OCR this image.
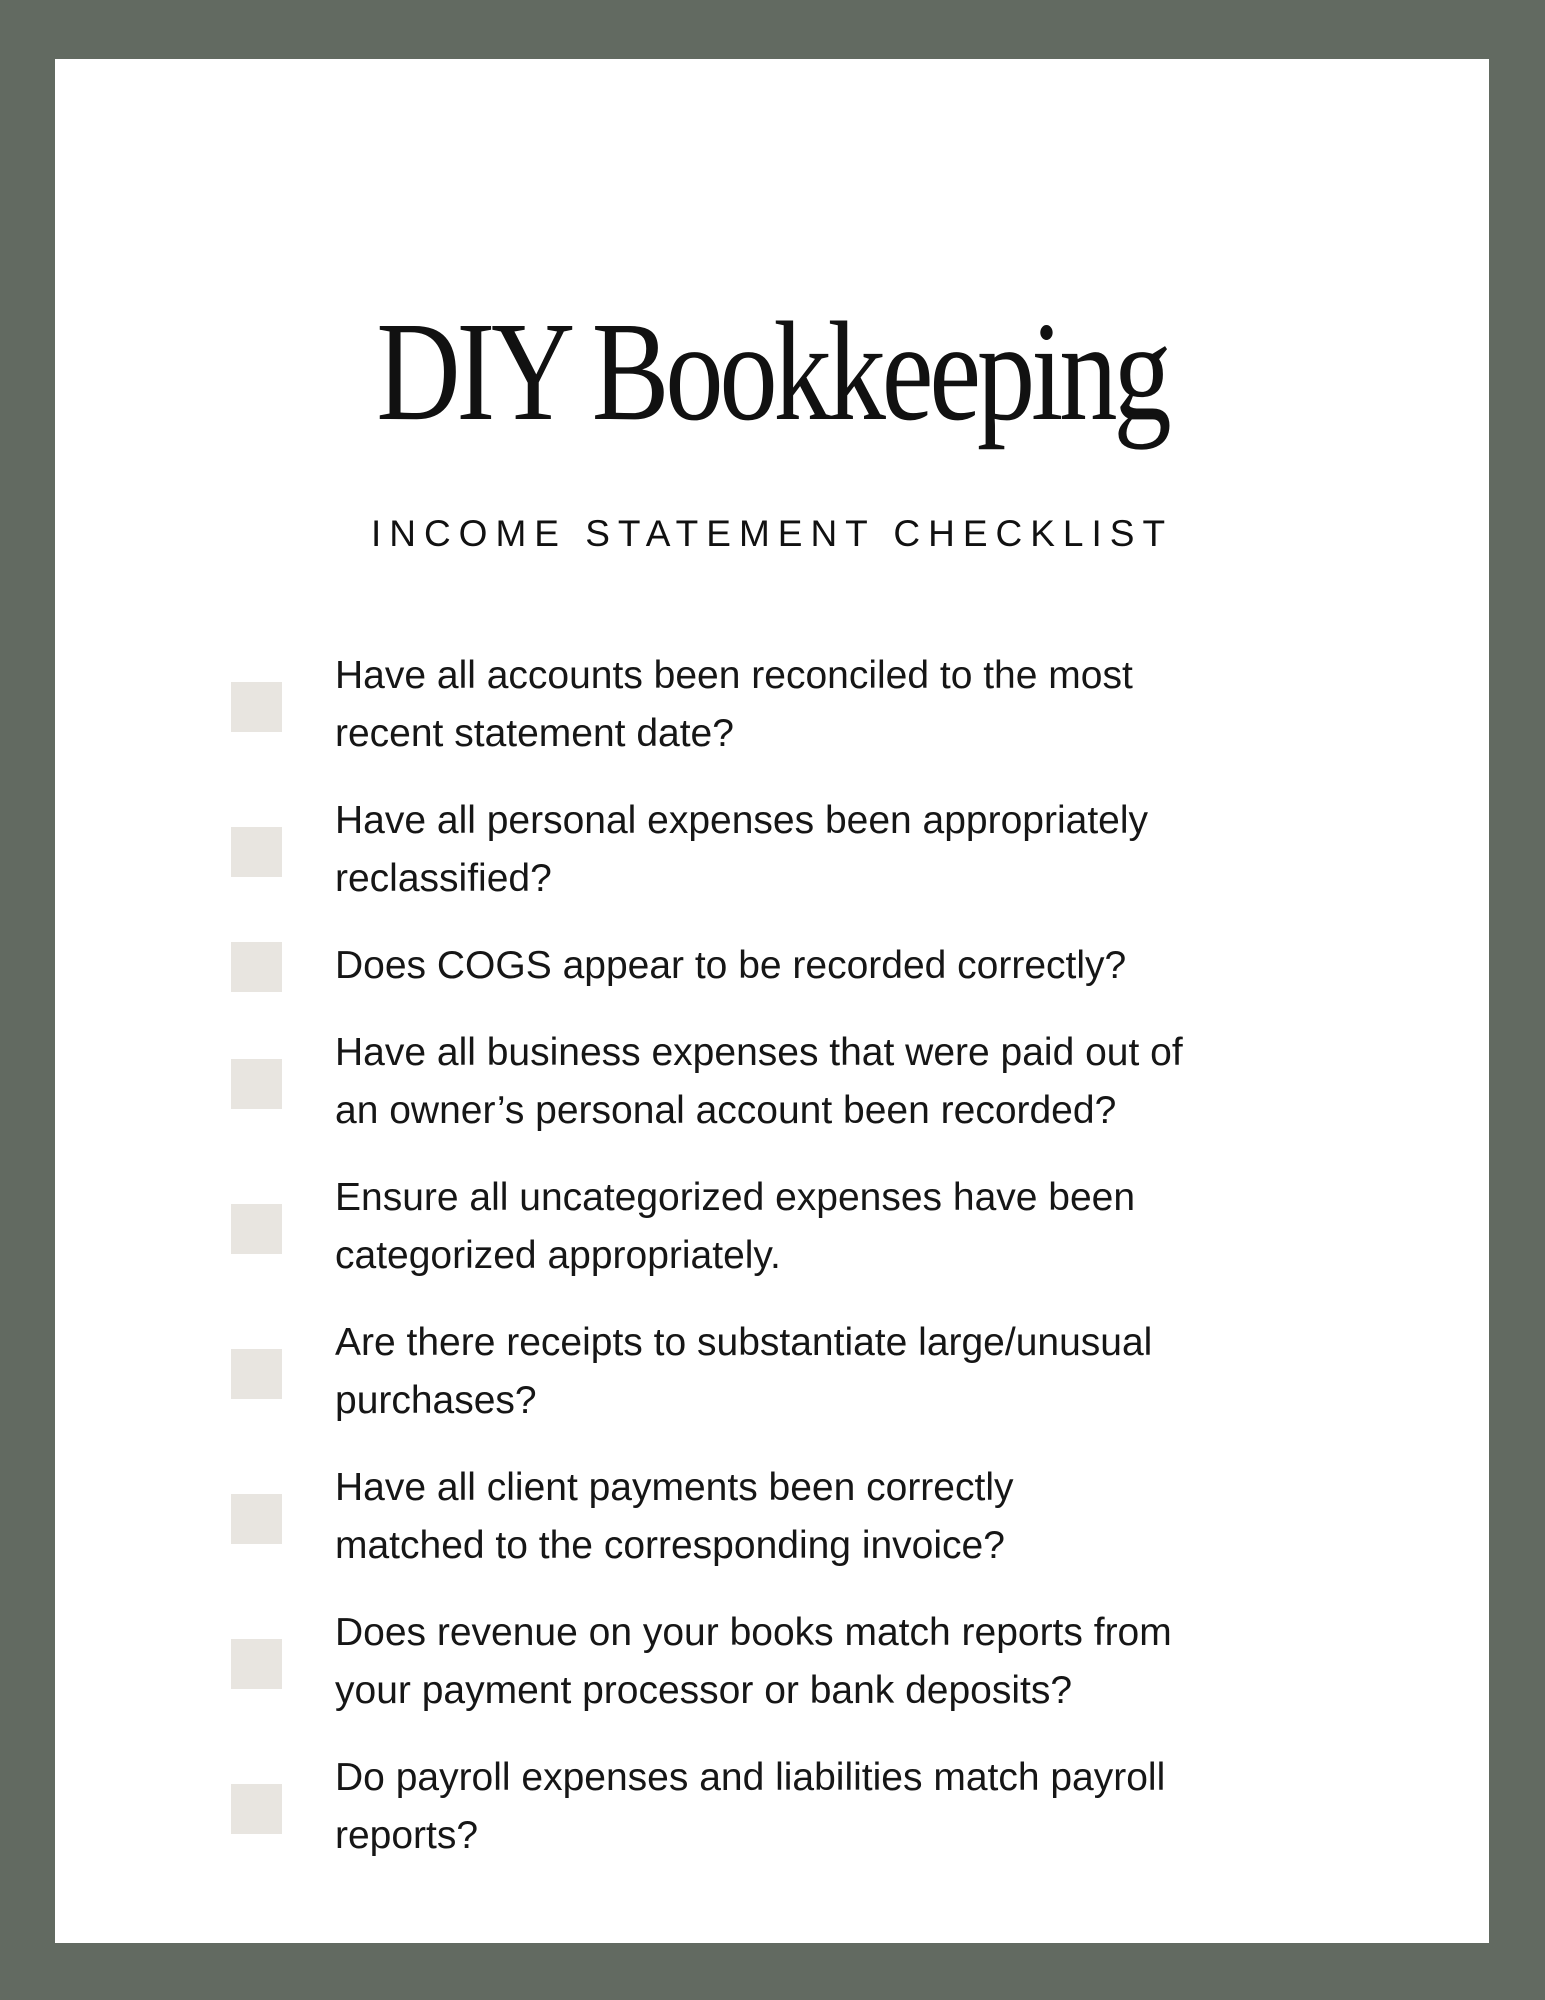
DIY Bookkeeping
INCOME STATEMENT CHECKLIST
Have all accounts been reconciled to the most
recent statement date?
Have all personal expenses been appropriately
reclassified?
Does COGS appear to be recorded correctly?
Have all business expenses that were paid out of
an owner’s personal account been recorded?
Ensure all uncategorized expenses have been
categorized appropriately.
Are there receipts to substantiate large/unusual
purchases?
Have all client payments been correctly
matched to the corresponding invoice?
Does revenue on your books match reports from
your payment processor or bank deposits?
Do payroll expenses and liabilities match payroll
reports?
